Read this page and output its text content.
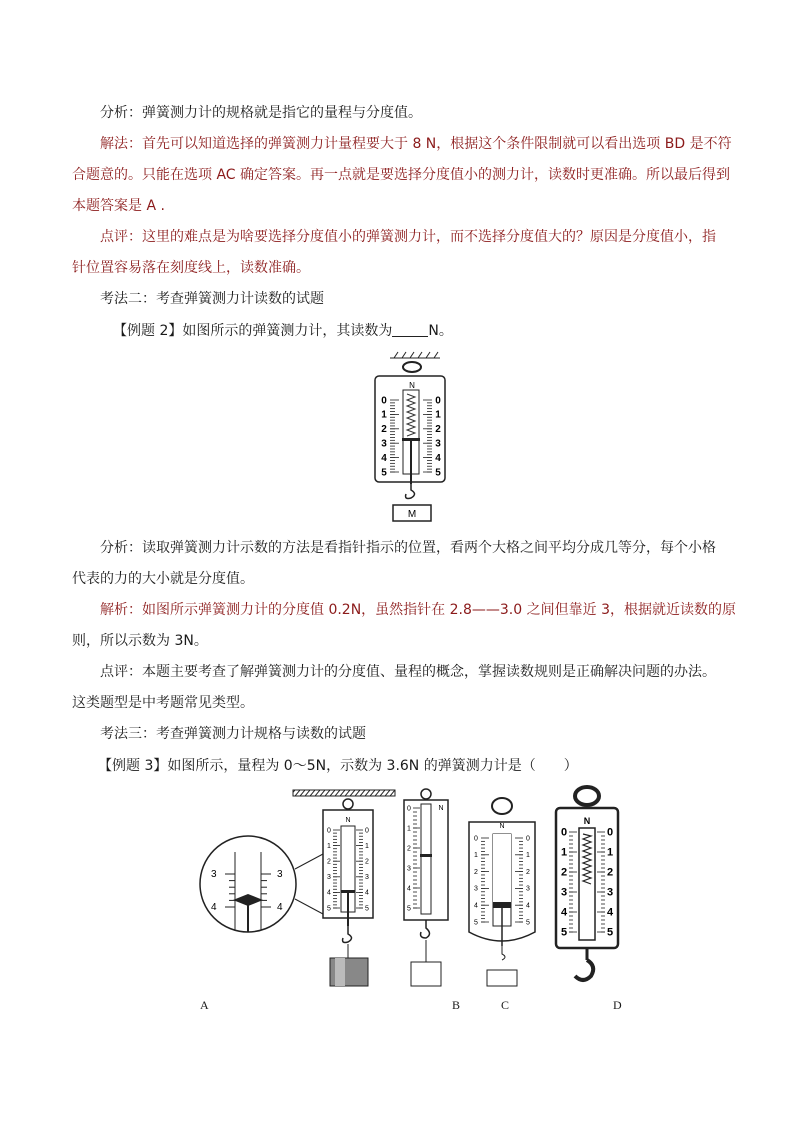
分析：弹簧测力计的规格就是指它的量程与分度值。
解法：首先可以知道选择的弹簧测力计量程要大于 8 N，根据这个条件限制就可以看出选项 BD 是不符
合题意的。只能在选项 AC 确定答案。再一点就是要选择分度值小的测力计，读数时更准确。所以最后得到
本题答案是 A .
点评：这里的难点是为啥要选择分度值小的弹簧测力计，而不选择分度值大的？原因是分度值小，指
针位置容易落在刻度线上，读数准确。
考法二：考查弹簧测力计读数的试题
【例题 2】如图所示的弹簧测力计，其读数为	N。
N
0	0
1	1
2	2
3	3
4	4
5	5
M
分析：读取弹簧测力计示数的方法是看指针指示的位置，看两个大格之间平均分成几等分，每个小格
代表的力的大小就是分度值。
解析：如图所示弹簧测力计的分度值 0.2N，虽然指针在 2.8——3.0 之间但靠近 3，根据就近读数的原
则，所以示数为 3N。
点评：本题主要考查了解弹簧测力计的分度值、量程的概念，掌握读数规则是正确解决问题的办法。
这类题型是中考题常见类型。
考法三：考查弹簧测力计规格与读数的试题
【例题 3】如图所示，量程为 0～5N，示数为 3.6N 的弹簧测力计是（　　）
3	3
4	4
N
0	0
1	1
2	2
3	3
4	4
5	5
N
0
1
2
3
4
5
N
0	0
1	1
2	2
3	3
4	4
5	5
N
0	0
1	1
2	2
3	3
4	4
5	5
A	B	C	D
